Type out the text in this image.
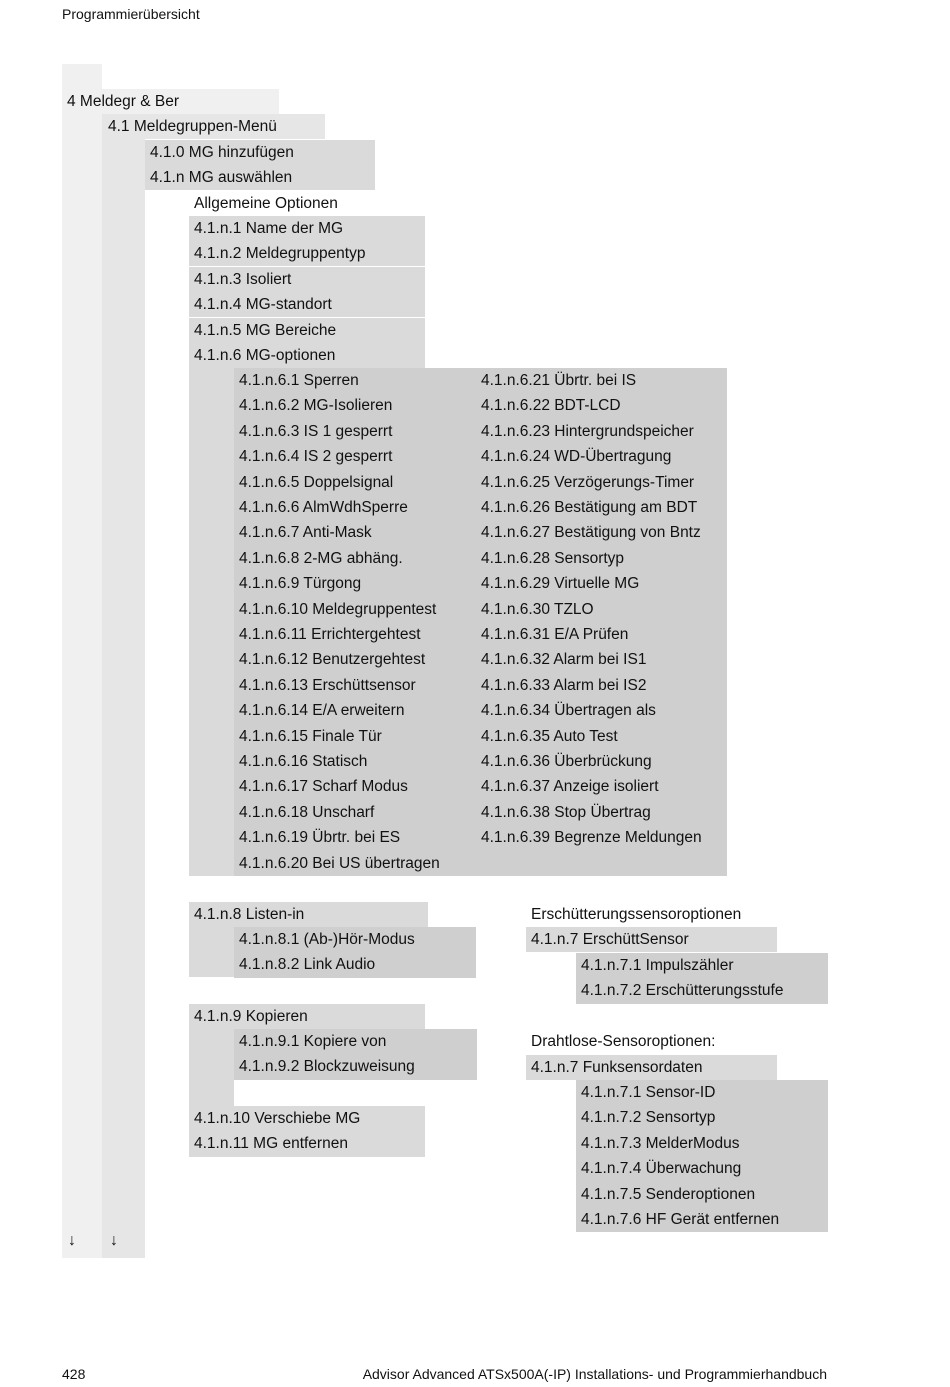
Programmierübersicht
4 Meldegr & Ber
4.1 Meldegruppen-Menü
4.1.0 MG hinzufügen
4.1.n MG auswählen
Allgemeine Optionen
4.1.n.1 Name der MG
4.1.n.2 Meldegruppentyp
4.1.n.3 Isoliert
4.1.n.4 MG-standort
4.1.n.5 MG Bereiche
4.1.n.6 MG-optionen
4.1.n.6.1 Sperren
4.1.n.6.2 MG-Isolieren
4.1.n.6.3 IS 1 gesperrt
4.1.n.6.4 IS 2 gesperrt
4.1.n.6.5 Doppelsignal
4.1.n.6.6 AlmWdhSperre
4.1.n.6.7 Anti-Mask
4.1.n.6.8 2-MG abhäng.
4.1.n.6.9 Türgong
4.1.n.6.10 Meldegruppentest
4.1.n.6.11 Errichtergehtest
4.1.n.6.12 Benutzergehtest
4.1.n.6.13 Erschüttsensor
4.1.n.6.14 E/A erweitern
4.1.n.6.15 Finale Tür
4.1.n.6.16 Statisch
4.1.n.6.17 Scharf Modus
4.1.n.6.18 Unscharf
4.1.n.6.19 Übrtr. bei ES
4.1.n.6.20 Bei US übertragen
4.1.n.6.21 Übrtr. bei IS
4.1.n.6.22 BDT-LCD
4.1.n.6.23 Hintergrundspeicher
4.1.n.6.24 WD-Übertragung
4.1.n.6.25 Verzögerungs-Timer
4.1.n.6.26 Bestätigung am BDT
4.1.n.6.27 Bestätigung von Bntz
4.1.n.6.28 Sensortyp
4.1.n.6.29 Virtuelle MG
4.1.n.6.30 TZLO
4.1.n.6.31 E/A Prüfen
4.1.n.6.32 Alarm bei IS1
4.1.n.6.33 Alarm bei IS2
4.1.n.6.34 Übertragen als
4.1.n.6.35 Auto Test
4.1.n.6.36 Überbrückung
4.1.n.6.37 Anzeige isoliert
4.1.n.6.38 Stop Übertrag
4.1.n.6.39 Begrenze Meldungen
4.1.n.8 Listen-in
4.1.n.8.1 (Ab-)Hör-Modus
4.1.n.8.2 Link Audio
4.1.n.9 Kopieren
4.1.n.9.1 Kopiere von
4.1.n.9.2 Blockzuweisung
4.1.n.10 Verschiebe MG
4.1.n.11 MG entfernen
Erschütterungssensoroptionen
4.1.n.7 ErschüttSensor
4.1.n.7.1 Impulszähler
4.1.n.7.2 Erschütterungsstufe
Drahtlose-Sensoroptionen:
4.1.n.7 Funksensordaten
4.1.n.7.1 Sensor-ID
4.1.n.7.2 Sensortyp
4.1.n.7.3 MelderModus
4.1.n.7.4 Überwachung
4.1.n.7.5 Senderoptionen
4.1.n.7.6 HF Gerät entfernen
↓ ↓
428	Advisor Advanced ATSx500A(-IP) Installations- und Programmierhandbuch
